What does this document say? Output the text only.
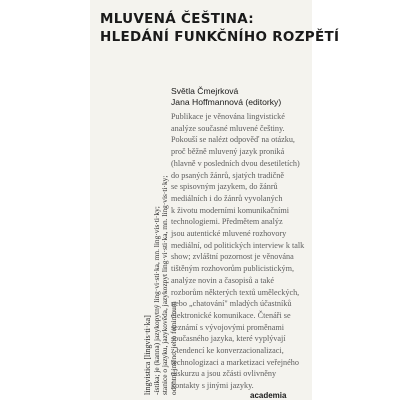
MLUVENÁ ČEŠTINA:
HLEDÁNÍ FUNKČNÍHO ROZPĚTÍ
Světla Čmejrková
Jana Hoffmannová (editorky)
lingvistica [lingvis·ti·ka] -ístika; je (kanna) jazykopytný ling·vi·sti·ka, mn. ling·vis·ti·ky; stanice o jazyku, jazykověda, jazykozpyt ling·vi·sti·ka, mn. ling·vis·ti·ky; odontní jméno, jeho femininum
Publikace je věnována lingvistické
analýze současné mluvené češtiny.
Pokouší se nalézt odpověď na otázku,
proč běžně mluvený jazyk proniká
(hlavně v posledních dvou desetiletích)
do psaných žánrů, sjatých tradičně
se spisovným jazykem, do žánrů
mediálních i do žánrů vyvolaných
k životu moderními komunikačními
technologiemi. Předmětem analýz
jsou autentické mluvené rozhovory
mediální, od politických interview k talk
show; zvláštní pozornost je věnována
tištěným rozhovorům publicistickým,
analýze novin a časopisů a také
rozborům některých textů uměleckých,
nebo „chatování" mladých účastníků
elektronické komunikace. Čtenáři se
seznámí s vývojovými proměnami
současného jazyka, které vyplývají
z tendencí ke konverzacionalizaci,
technologizaci a marketizaci veřejného
diskurzu a jsou zčásti ovlivněny
kontakty s jinými jazyky.
academia
